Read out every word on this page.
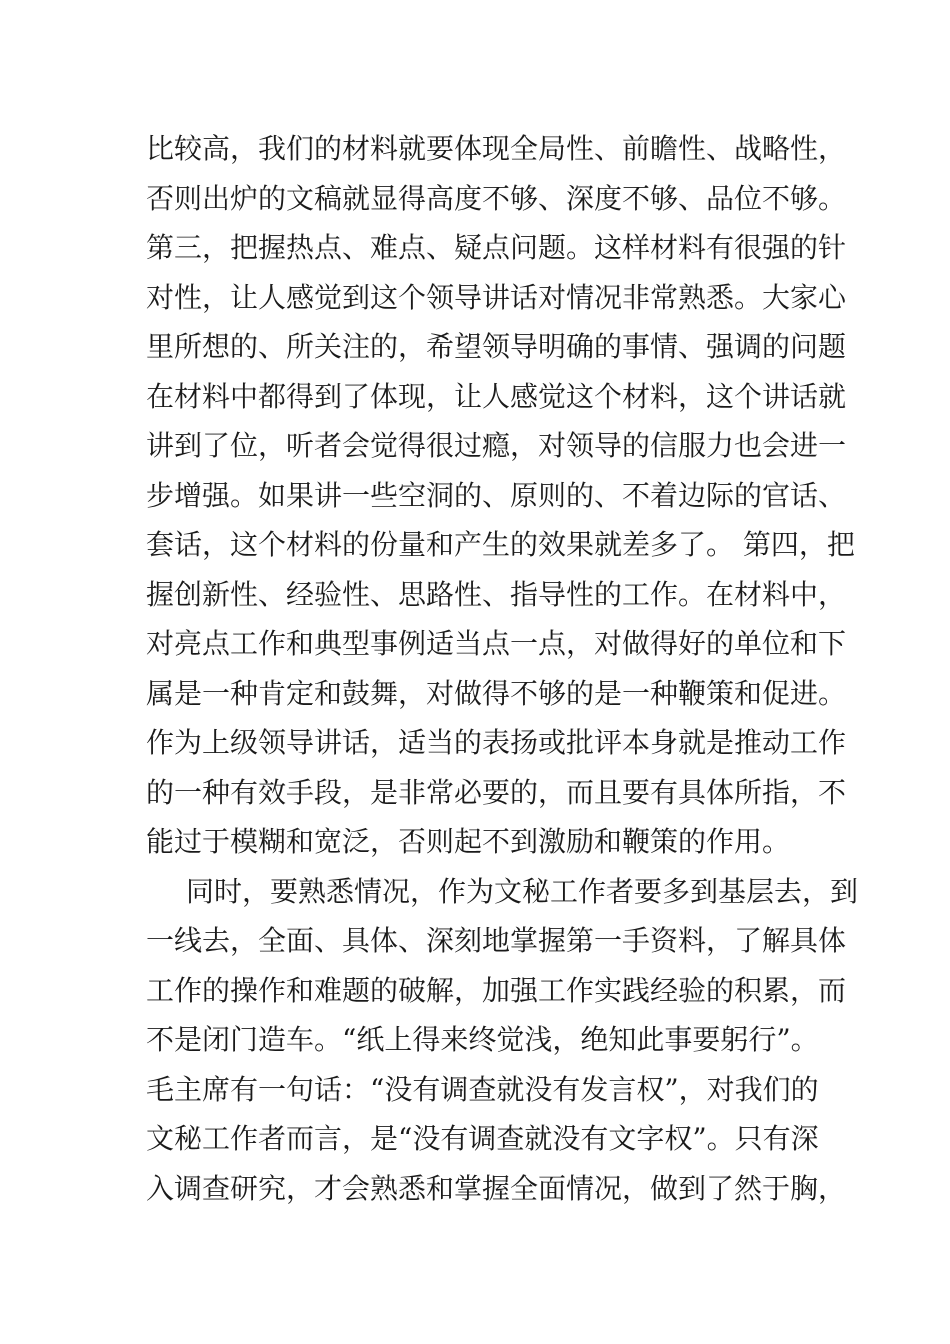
比较高，我们的材料就要体现全局性、前瞻性、战略性，
否则出炉的文稿就显得高度不够、深度不够、品位不够。
第三，把握热点、难点、疑点问题。这样材料有很强的针
对性，让人感觉到这个领导讲话对情况非常熟悉。大家心
里所想的、所关注的，希望领导明确的事情、强调的问题
在材料中都得到了体现，让人感觉这个材料，这个讲话就
讲到了位，听者会觉得很过瘾，对领导的信服力也会进一
步增强。如果讲一些空洞的、原则的、不着边际的官话、
套话，这个材料的份量和产生的效果就差多了。 第四，把
握创新性、经验性、思路性、指导性的工作。在材料中，
对亮点工作和典型事例适当点一点，对做得好的单位和下
属是一种肯定和鼓舞，对做得不够的是一种鞭策和促进。
作为上级领导讲话，适当的表扬或批评本身就是推动工作
的一种有效手段，是非常必要的，而且要有具体所指，不
能过于模糊和宽泛，否则起不到激励和鞭策的作用。
同时，要熟悉情况，作为文秘工作者要多到基层去，到
一线去，全面、具体、深刻地掌握第一手资料，了解具体
工作的操作和难题的破解，加强工作实践经验的积累，而
不是闭门造车。“纸上得来终觉浅，绝知此事要躬行”。
毛主席有一句话：“没有调查就没有发言权”，对我们的
文秘工作者而言，是“没有调查就没有文字权”。只有深
入调查研究，才会熟悉和掌握全面情况，做到了然于胸，
